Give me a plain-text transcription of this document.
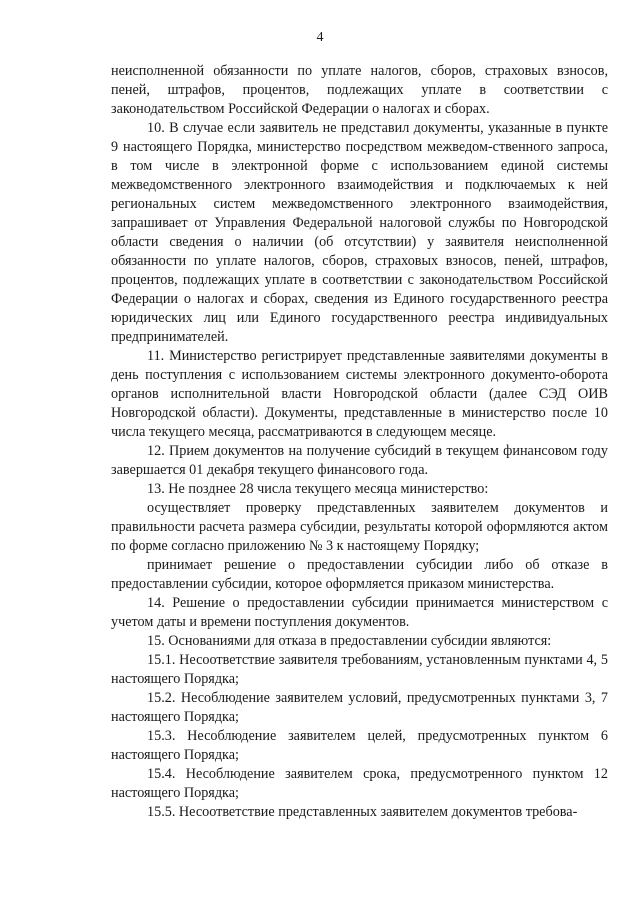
4

неисполненной обязанности по уплате налогов, сборов, страховых взносов, пеней, штрафов, процентов, подлежащих уплате в соответствии с законодательством Российской Федерации о налогах и сборах.

10. В случае если заявитель не представил документы, указанные в пункте 9 настоящего Порядка, министерство посредством межведом-ственного запроса, в том числе в электронной форме с использованием единой системы межведомственного электронного взаимодействия и подключаемых к ней региональных систем межведомственного электронного взаимодействия, запрашивает от Управления Федеральной налоговой службы по Новгородской области сведения о наличии (об отсутствии) у заявителя неисполненной обязанности по уплате налогов, сборов, страховых взносов, пеней, штрафов, процентов, подлежащих уплате в соответствии с законодательством Российской Федерации о налогах и сборах, сведения из Единого государственного реестра юридических лиц или Единого государственного реестра индивидуальных предпринимателей.

11. Министерство регистрирует представленные заявителями документы в день поступления с использованием системы электронного документо-оборота органов исполнительной власти Новгородской области (далее СЭД ОИВ Новгородской области). Документы, представленные в министерство после 10 числа текущего месяца, рассматриваются в следующем месяце.

12. Прием документов на получение субсидий в текущем финансовом году завершается 01 декабря текущего финансового года.

13. Не позднее 28 числа текущего месяца министерство:

осуществляет проверку представленных заявителем документов и правильности расчета размера субсидии, результаты которой оформляются актом по форме согласно приложению № 3 к настоящему Порядку;

принимает решение о предоставлении субсидии либо об отказе в предоставлении субсидии, которое оформляется приказом министерства.

14. Решение о предоставлении субсидии принимается министерством с учетом даты и времени поступления документов.

15. Основаниями для отказа в предоставлении субсидии являются:

15.1. Несоответствие заявителя требованиям, установленным пунктами 4, 5 настоящего Порядка;

15.2. Несоблюдение заявителем условий, предусмотренных пунктами 3, 7 настоящего Порядка;

15.3. Несоблюдение заявителем целей, предусмотренных пунктом 6 настоящего Порядка;

15.4. Несоблюдение заявителем срока, предусмотренного пунктом 12 настоящего Порядка;

15.5. Несоответствие представленных заявителем документов требова-
